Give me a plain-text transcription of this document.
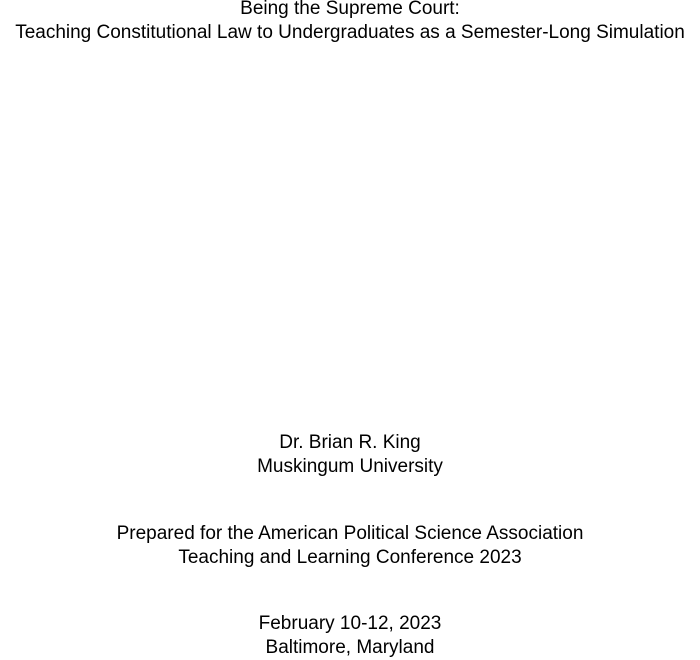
Being the Supreme Court:

Teaching Constitutional Law to Undergraduates as a Semester-Long Simulation

Dr. Brian R. King

Muskingum University

Prepared for the American Political Science Association

Teaching and Learning Conference 2023

February 10-12, 2023

Baltimore, Maryland
